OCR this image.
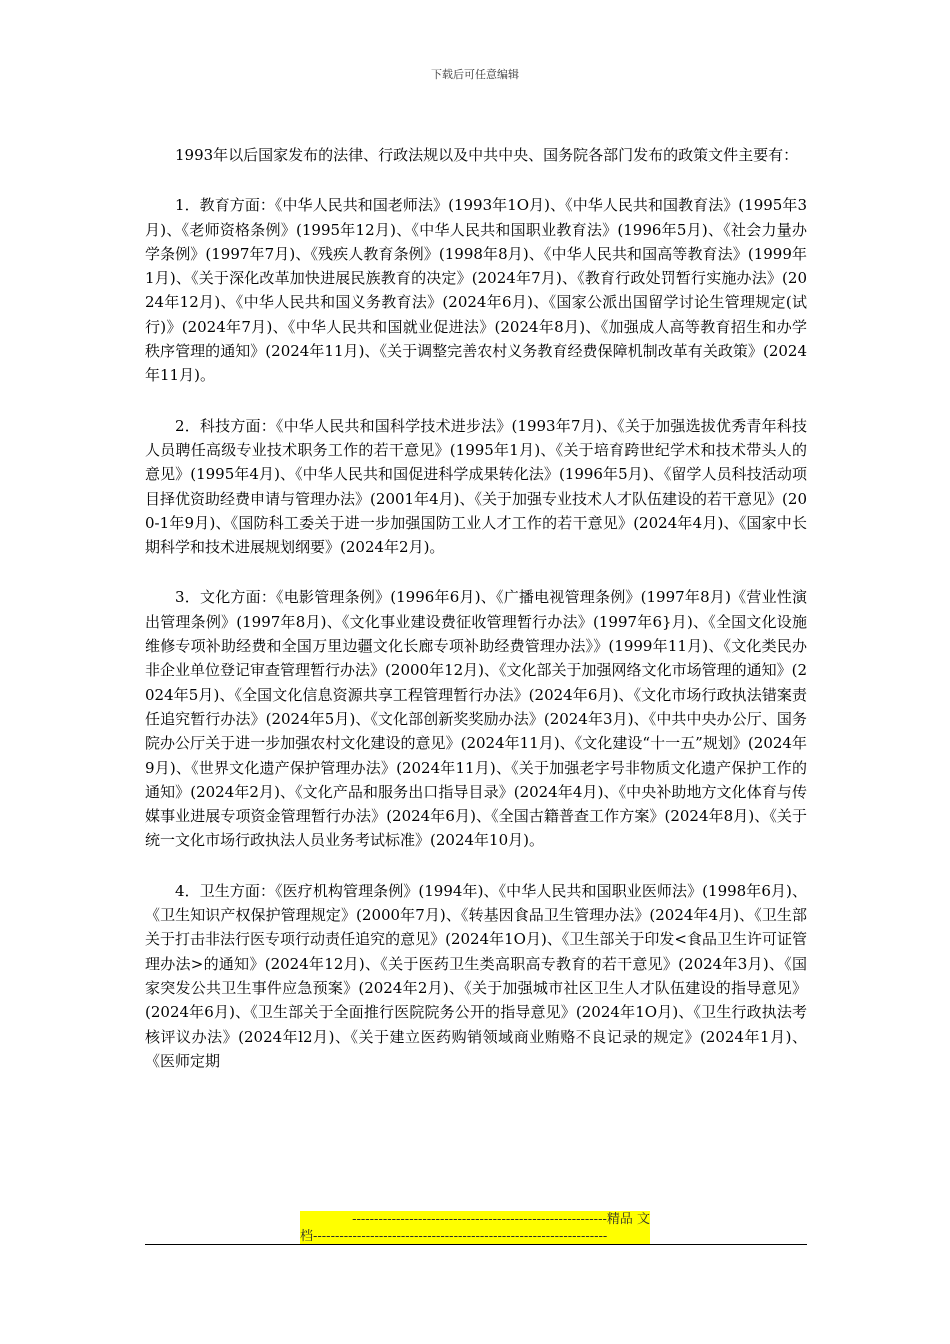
下载后可任意编辑

1993年以后国家发布的法律、行政法规以及中共中央、国务院各部门发布的政策文件主要有：

1．教育方面：《中华人民共和国老师法》(1993年1O月)、《中华人民共和国教育法》(1995年3月)、《老师资格条例》(1995年12月)、《中华人民共和国职业教育法》(1996年5月)、《社会力量办学条例》(1997年7月)、《残疾人教育条例》(1998年8月)、《中华人民共和国高等教育法》(1999年1月)、《关于深化改革加快进展民族教育的决定》(2024年7月)、《教育行政处罚暂行实施办法》(2024年12月)、《中华人民共和国义务教育法》(2024年6月)、《国家公派出国留学讨论生管理规定(试行)》(2024年7月)、《中华人民共和国就业促进法》(2024年8月)、《加强成人高等教育招生和办学秩序管理的通知》(2024年11月)、《关于调整完善农村义务教育经费保障机制改革有关政策》(2024年11月)。

2．科技方面：《中华人民共和国科学技术进步法》(1993年7月)、《关于加强选拔优秀青年科技人员聘任高级专业技术职务工作的若干意见》(1995年1月)、《关于培育跨世纪学术和技术带头人的意见》(1995年4月)、《中华人民共和国促进科学成果转化法》(1996年5月)、《留学人员科技活动项目择优资助经费申请与管理办法》(2001年4月)、《关于加强专业技术人才队伍建设的若干意见》(200-1年9月)、《国防科工委关于进一步加强国防工业人才工作的若干意见》(2024年4月)、《国家中长期科学和技术进展规划纲要》(2024年2月)。

3．文化方面：《电影管理条例》(1996年6月)、《广播电视管理条例》(1997年8月)《营业性演出管理条例》(1997年8月)、《文化事业建设费征收管理暂行办法》(1997年6}月)、《全国文化设施维修专项补助经费和全国万里边疆文化长廊专项补助经费管理办法》》(1999年11月)、《文化类民办非企业单位登记审查管理暂行办法》(2000年12月)、《文化部关于加强网络文化市场管理的通知》(2024年5月)、《全国文化信息资源共享工程管理暂行办法》(2024年6月)、《文化市场行政执法错案责任追究暂行办法》(2024年5月)、《文化部创新奖奖励办法》(2024年3月)、《中共中央办公厅、国务院办公厅关于进一步加强农村文化建设的意见》(2024年11月)、《文化建设“十一五”规划》(2024年9月)、《世界文化遗产保护管理办法》(2024年11月)、《关于加强老字号非物质文化遗产保护工作的通知》(2024年2月)、《文化产品和服务出口指导目录》(2024年4月)、《中央补助地方文化体育与传媒事业进展专项资金管理暂行办法》(2024年6月)、《全国古籍普查工作方案》(2024年8月)、《关于统一文化市场行政执法人员业务考试标准》(2024年10月)。

4．卫生方面：《医疗机构管理条例》(1994年)、《中华人民共和国职业医师法》(1998年6月)、《卫生知识产权保护管理规定》(2000年7月)、《转基因食品卫生管理办法》(2024年4月)、《卫生部关于打击非法行医专项行动责任追究的意见》(2024年1O月)、《卫生部关于印发<食品卫生许可证管理办法>的通知》(2024年12月)、《关于医药卫生类高职高专教育的若干意见》(2024年3月)、《国家突发公共卫生事件应急预案》(2024年2月)、《关于加强城市社区卫生人才队伍建设的指导意见》(2024年6月)、《卫生部关于全面推行医院院务公开的指导意见》(2024年1O月)、《卫生行政执法考核评议办法》(2024年l2月)、《关于建立医药购销领域商业贿赂不良记录的规定》(2024年1月)、《医师定期

----------------------------------------------------------精品 文
档-------------------------------------------------------------------
